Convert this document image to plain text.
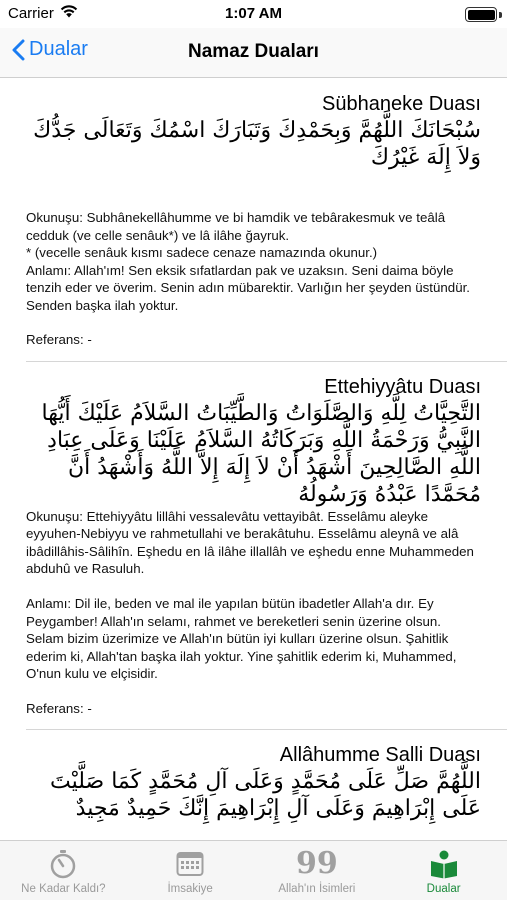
Carrier	1:07 AM
Dualar	Namaz Duaları
Sübhaneke Duası
سُبْحَانَكَ اللَّهُمَّ وَبِحَمْدِكَ وَتَبَارَكَ اسْمُكَ وَتَعَالَى جَدُّكَ وَلاَ إِلَهَ غَيْرُكَ
Okunuşu: Subhânekellâhumme ve bi hamdik ve tebârakesmuk ve teâlâ cedduk (ve celle senâuk*) ve lâ ilâhe ğayruk.
* (vecelle senâuk kısmı sadece cenaze namazında okunur.)
Anlamı: Allah'ım! Sen eksik sıfatlardan pak ve uzaksın. Seni daima böyle tenzih eder ve överim. Senin adın mübarektir. Varlığın her şeyden üstündür. Senden başka ilah yoktur.
Referans: -
Ettehiyyâtu Duası
التَّحِيَّاتُ لِلَّهِ وَالصَّلَوَاتُ وَالطَّيِّبَاتُ السَّلاَمُ عَلَيْكَ أَيُّهَا النَّبِيُّ وَرَحْمَةُ اللَّهِ وَبَرَكَاتُهُ السَّلاَمُ عَلَيْنَا وَعَلَى عِبَادِ اللَّهِ الصَّالِحِينَ أَشْهَدُ أَنْ لاَ إِلَهَ إِلاَّ اللَّهُ وَأَشْهَدُ أَنَّ مُحَمَّدًا عَبْدُهُ وَرَسُولُهُ
Okunuşu: Ettehiyyâtu lillâhi vessalevâtu vettayibât. Esselâmu aleyke eyyuhen-Nebiyyu ve rahmetullahi ve berakâtuhu. Esselâmu aleynâ ve alâ ibâdillâhis-Sâlihîn. Eşhedu en lâ ilâhe illallâh ve eşhedu enne Muhammeden abduhû ve Rasuluh.

Anlamı: Dil ile, beden ve mal ile yapılan bütün ibadetler Allah'a dır. Ey Peygamber! Allah'ın selamı, rahmet ve bereketleri senin üzerine olsun. Selam bizim üzerimize ve Allah'ın bütün iyi kulları üzerine olsun. Şahitlik ederim ki, Allah'tan başka ilah yoktur. Yine şahitlik ederim ki, Muhammed, O'nun kulu ve elçisidir.
Referans: -
Allâhumme Salli Duası
اللَّهُمَّ صَلِّ عَلَى مُحَمَّدٍ وَعَلَى آلِ مُحَمَّدٍ كَمَا صَلَّيْتَ عَلَى إِبْرَاهِيمَ وَعَلَى آلِ إِبْرَاهِيمَ إِنَّكَ حَمِيدٌ مَجِيدٌ
Ne Kadar Kaldı?	İmsakiye
99
Allah'ın İsimleri	Dualar
